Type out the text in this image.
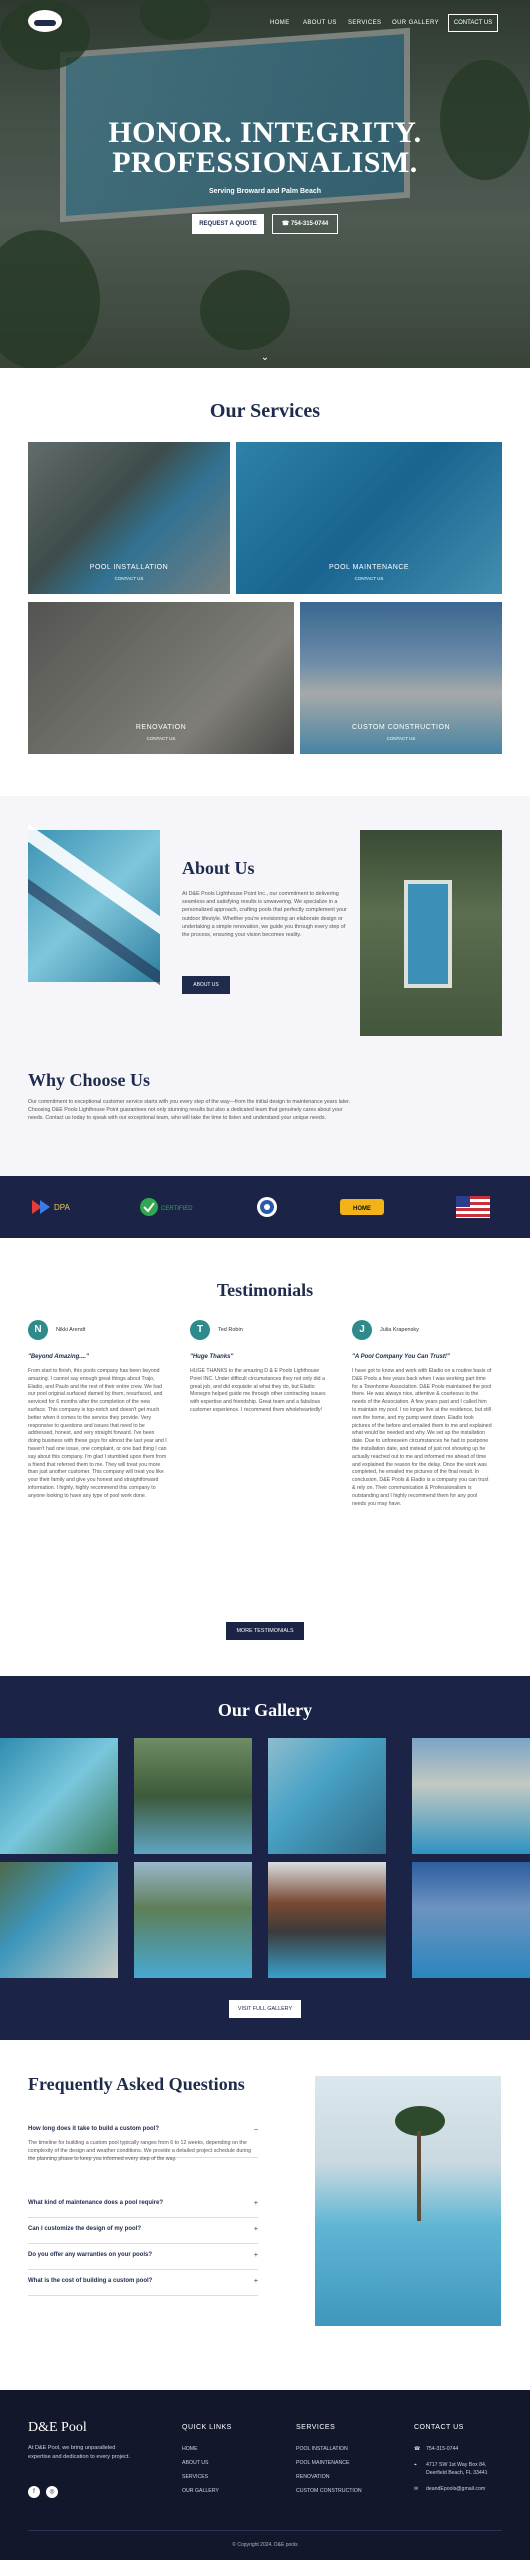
HOME ABOUT US SERVICES OUR GALLERY	CONTACT US
HONOR. INTEGRITY.
PROFESSIONALISM.
Serving Broward and Palm Beach
REQUEST A QUOTE	☎ 754-315-0744
⌄
Our Services
POOL INSTALLATION
CONTACT US
POOL MAINTENANCE
CONTACT US
RENOVATION
CONTACT US
CUSTOM CONSTRUCTION
CONTACT US
About Us

At D&E Pools Lighthouse Point Inc., our commitment to delivering seamless and satisfying results is unwavering. We specialize in a personalized approach, crafting pools that perfectly complement your outdoor lifestyle. Whether you're envisioning an elaborate design or undertaking a simple renovation, we guide you through every step of the process, ensuring your vision becomes reality.

ABOUT US
Why Choose Us

Our commitment to exceptional customer service starts with you every step of the way—from the initial design to maintenance years later. Choosing D&E Pools Lighthouse Point guarantees not only stunning results but also a dedicated team that genuinely cares about your needs. Contact us today to speak with our exceptional team, who will take the time to listen and understand your unique needs.

DPA	CERTIFIED	HOME
Testimonials
N	Nikki Arendt
"Beyond Amazing...."
From start to finish, this pools company has been beyond amazing. I cannot say enough great things about Trajo, Eladio, and Paulo and the rest of their entire crew. We had our pool original surfaced damed by them, resurfaced, and serviced for 6 months after the completion of the new surface. This company is top-notch and doesn't get much better when it comes to the service they provide. Very responsive to questions and issues that need to be addressed, honest, and very straight forward. I've been doing business with these guys for almost the last year and I haven't had one issue, one complaint, or one bad thing I can say about this company. I'm glad I stumbled upon them from a friend that referred them to me. They will treat you more than just another customer. This company will treat you like your their family and give you honest and straightforward information. I highly, highly recommend this company to anyone looking to have any type of pool work done.
T	Ted Robin
"Huge Thanks"
HUGE THANKS to the amazing D & E Pools Lighthouse Point INC. Under difficult circumstances they not only did a great job, and did exquisite at what they do, but Eladio Monegro helped guide me through other contracting issues with expertise and friendship. Great team and a fabulous customer experience. I recommend them wholeheartedly!
J	Julia Krapensky
"A Pool Company You Can Trust!"
I have got to know and work with Eladio on a routine basis of D&E Pools a few years back when I was working part time for a Townhome Association. D&E Pools maintained the pool there. He was always nice, attentive & courteous to the needs of the Association. A few years past and I called him to maintain my pool. I no longer live at the residence, but still own the home, and my pump went down. Eladio took pictures of the before and emailed them to me and explained what would be needed and why. We set up the installation date. Due to unforeseen circumstances he had to postpone the installation date, and instead of just not showing up he actually reached out to me and informed me ahead of time and explained the reason for the delay. Once the work was completed, he emailed me pictures of the final result. In conclusion, D&E Pools & Eladio is a company you can trust & rely on. Their communication & Professionalism is outstanding and I highly recommend them for any pool needs you may have.
MORE TESTIMONIALS
Our Gallery
VISIT FULL GALLERY
Frequently Asked Questions
How long does it take to build a custom pool?	–

The timeline for building a custom pool typically ranges from 6 to 12 weeks, depending on the complexity of the design and weather conditions. We provide a detailed project schedule during the planning phase to keep you informed every step of the way.

What kind of maintenance does a pool require?	+
Can I customize the design of my pool?	+
Do you offer any warranties on your pools?	+
What is the cost of building a custom pool?	+
D&E Pool

At D&E Pool, we bring unparalleled expertise and dedication to every project.

f	◎
QUICK LINKS
HOME
ABOUT US
SERVICES
OUR GALLERY
SERVICES
POOL INSTALLATION
POOL MAINTENANCE
RENOVATION
CUSTOM CONSTRUCTION
CONTACT US
☎ 754-315-0744
⌖ 4717 SW 1st Way Box 84, Deerfield Beach, FL 33441
✉ deandEpools@gmail.com
© Copyright 2024. D&E pools
